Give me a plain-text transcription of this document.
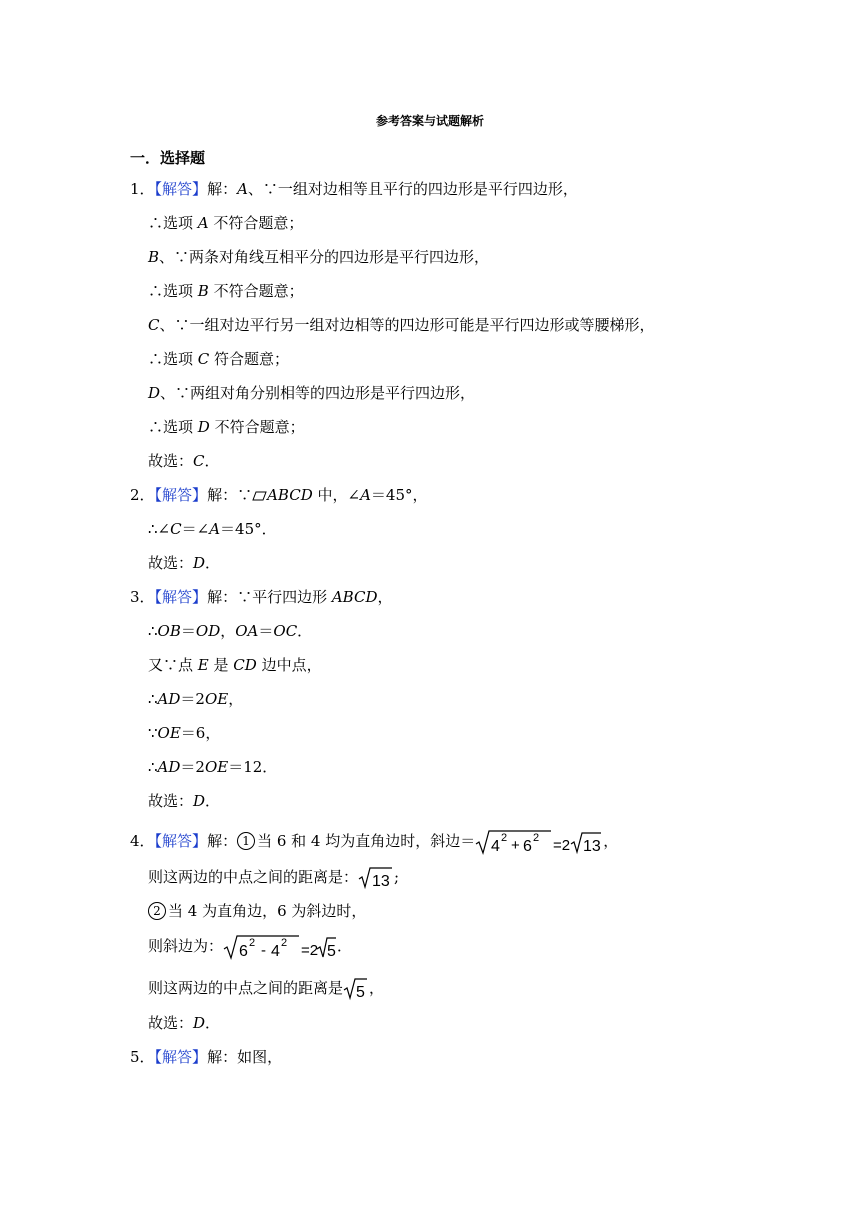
参考答案与试题解析
一．选择题
1．【解答】解：A、∵一组对边相等且平行的四边形是平行四边形，
∴选项 A 不符合题意；
B、∵两条对角线互相平分的四边形是平行四边形，
∴选项 B 不符合题意；
C、∵一组对边平行另一组对边相等的四边形可能是平行四边形或等腰梯形，
∴选项 C 符合题意；
D、∵两组对角分别相等的四边形是平行四边形，
∴选项 D 不符合题意；
故选：C．
2．【解答】解：∵ ABCD 中，∠A＝45°，
∴∠C＝∠A＝45°．
故选：D．
3．【解答】解：∵平行四边形 ABCD，
∴OB＝OD，OA＝OC．
又∵点 E 是 CD 边中点，
∴AD＝2OE，
∵OE＝6，
∴AD＝2OE＝12．
故选：D．
4．【解答】解： 1 当 6 和 4 均为直角边时，斜边＝ 4 2 + 6 2 =2 13 ，
则这两边的中点之间的距离是： 13 ;
2 当 4 为直角边，6 为斜边时，
则斜边为： 6 2 - 4 2 =2 5 ．
则这两边的中点之间的距离是 5 ，
故选：D．
5．【解答】解：如图，
